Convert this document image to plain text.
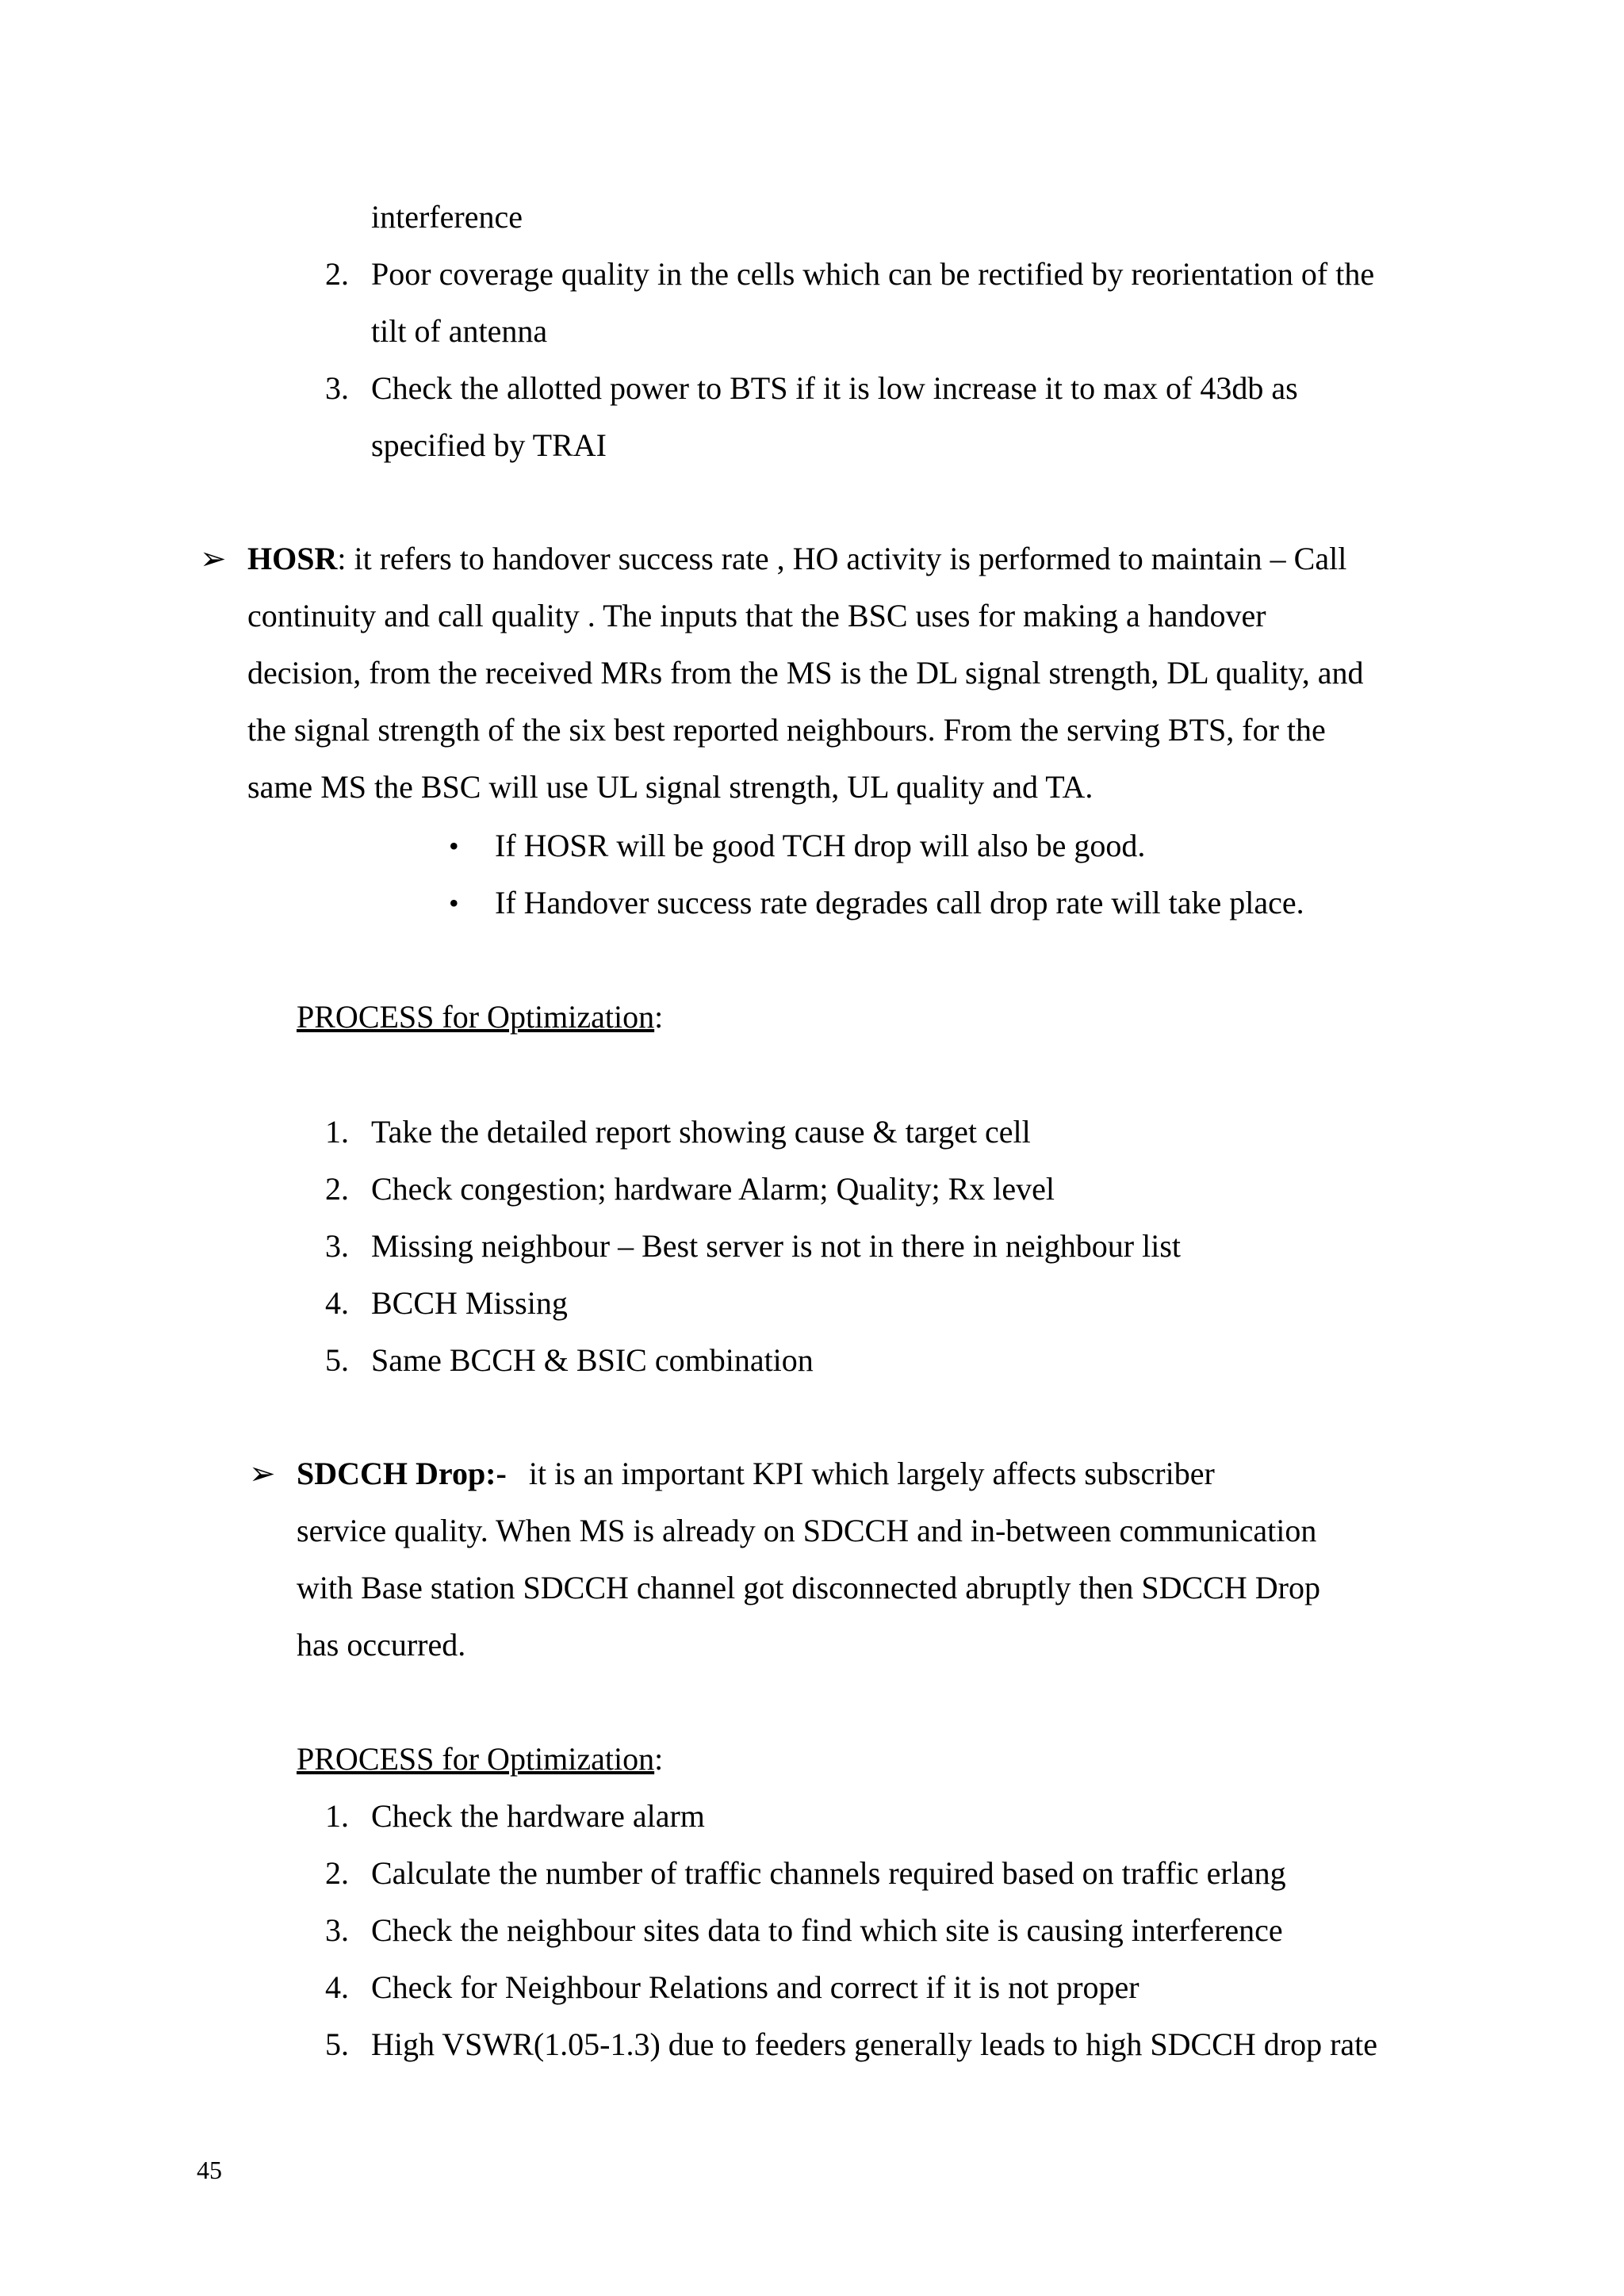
interference
2. Poor coverage quality in the cells which can be rectified by reorientation of the
tilt of antenna
3. Check the allotted power to BTS if it is low increase it to max of 43db as
specified by TRAI
➢ HOSR: it refers to handover success rate , HO activity is performed to maintain – Call
continuity and call quality . The inputs that the BSC uses for making a handover
decision, from the received MRs from the MS is the DL signal strength, DL quality, and
the signal strength of the six best reported neighbours. From the serving BTS, for the
same MS the BSC will use UL signal strength, UL quality and TA.
• If HOSR will be good TCH drop will also be good.
• If Handover success rate degrades call drop rate will take place.
PROCESS for Optimization:
1. Take the detailed report showing cause & target cell
2. Check congestion; hardware Alarm; Quality; Rx level
3. Missing neighbour – Best server is not in there in neighbour list
4. BCCH Missing
5. Same BCCH & BSIC combination
➢ SDCCH Drop:- it is an important KPI which largely affects subscriber
service quality. When MS is already on SDCCH and in-between communication
with Base station SDCCH channel got disconnected abruptly then SDCCH Drop
has occurred.
PROCESS for Optimization:
1. Check the hardware alarm
2. Calculate the number of traffic channels required based on traffic erlang
3. Check the neighbour sites data to find which site is causing interference
4. Check for Neighbour Relations and correct if it is not proper
5. High VSWR(1.05-1.3) due to feeders generally leads to high SDCCH drop rate
45
